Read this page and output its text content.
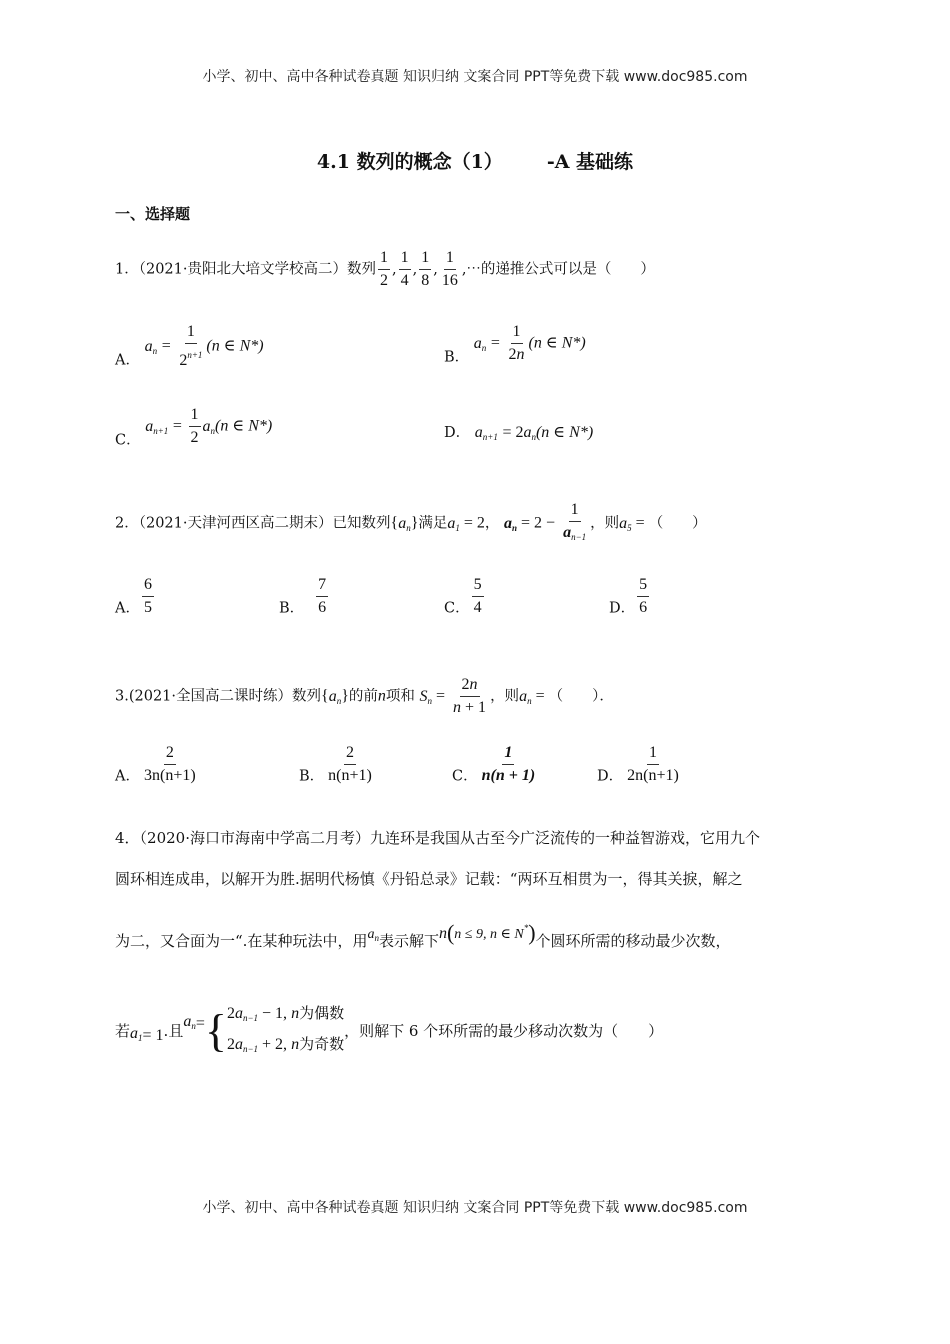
小学、初中、高中各种试卷真题 知识归纳 文案合同 PPT等免费下载 www.doc985.com
小学、初中、高中各种试卷真题 知识归纳 文案合同 PPT等免费下载 www.doc985.com
4.1 数列的概念（1） -A 基础练
一、选择题
1．（2021·贵阳北大培文学校高二）数列 $\frac{1}{2}$ , $\frac{1}{4}$ , $\frac{1}{8}$ , $\frac{1}{16}$ ,⋯的递推公式可以是（　　）
A． $a_n = \frac{1}{2^{n+1}} (n$ ∈ N*)
B． $a_n = \frac{1}{2n} (n$ ∈ N*)
C． $a_{n+1} = \frac{1}{2} a_n(n$ ∈ N*)	D． $a_{n+1} = 2a_n(n$ ∈ N*)
2．（2021·天津河西区高二期末）已知数列$\{a_n\}$满足$a_1 = 2$， $a_n = 2 - \frac{1}{a_{n-1}}$ ，则$a_5$ = （　　）
A． $\frac{6}{5}$	B． $\frac{7}{6}$	C． $\frac{5}{4}$	D． $\frac{5}{6}$
3.(2021·全国高二课时练）数列$\{a_n\}$的前n项和 $S_n = \frac{2n}{n + 1}$ ，则$a_n$ = （　　）．
A． $\frac{2}{3n(n+1)}$	B． $\frac{2}{n(n+1)}$	C． $\frac{1}{n(n + 1)}$	D． $\frac{1}{2n(n+1)}$
4．（2020·海口市海南中学高二月考）九连环是我国从古至今广泛流传的一种益智游戏，它用九个
圆环相连成串，以解开为胜.据明代杨慎《丹铅总录》记载：“两环互相贯为一，得其关捩，解之
为二，又合面为一“.在某种玩法中，用$a_n$表示解下n(n ≤ 9, n ∈ N*)个圆环所需的移动最少次数，
若 $a_1 = 1$ .且
$a_n$ = { $2a_{n-1} - 1$, n为偶数
$2a_{n-1} + 2$, n为奇数
，则解下 6 个环所需的最少移动次数为（　　）
